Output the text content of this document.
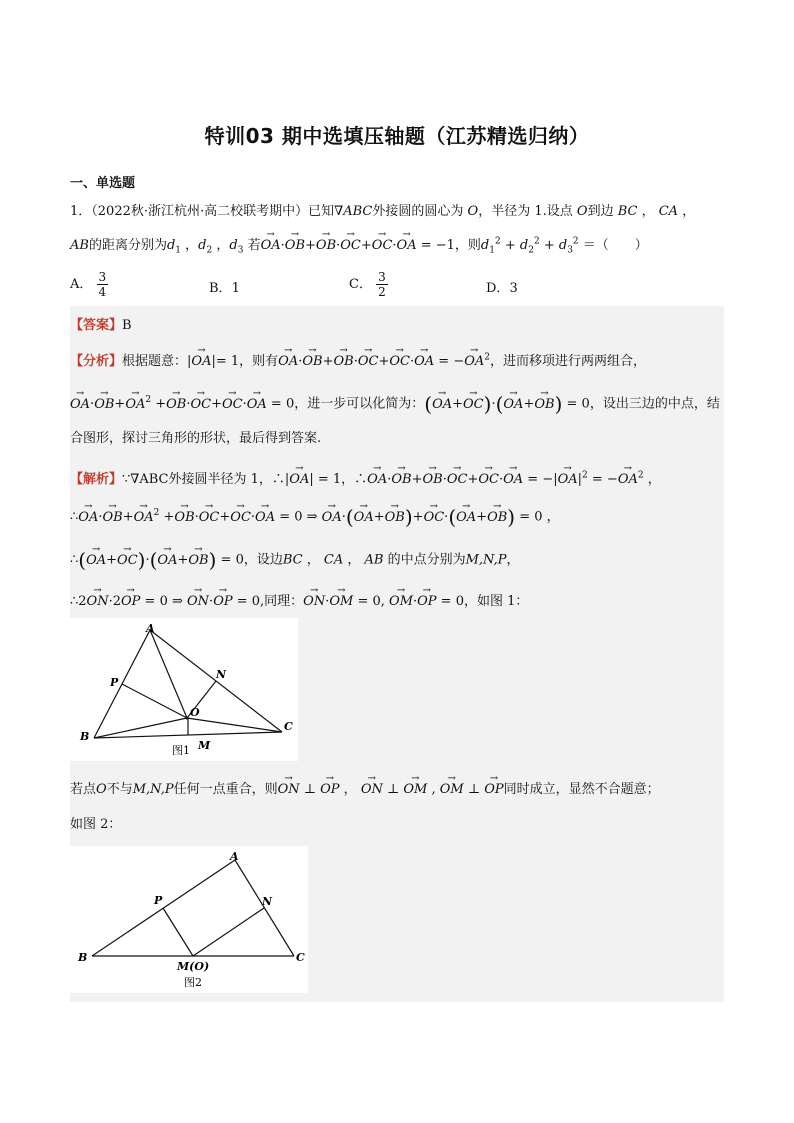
特训03 期中选填压轴题（江苏精选归纳）
一、单选题
1．（2022秋·浙江杭州·高二校联考期中）已知∇ABC外接圆的圆心为 O，半径为 1.设点 O到边 BC ， CA ，
AB的距离分别为$d_1$ ，$d_2$ ，$d_3$ 若→ OA·→ OB+→ OB·→ OC+→ OC·→ OA = −1，则$d_1^2 + d_2^2 + d_3^2$ ＝（　　）
A． $\frac{3}{4}$	B．1	C． $\frac{3}{2}$	D．3
【答案】B
【分析】根据题意：|→ OA|= 1，则有→ OA·→ OB+→ OB·→ OC+→ OC·→ OA = −→ $OA^2$，进而移项进行两两组合，
→ $OA\cdot\to OB+\to OA^2 +\to OB\cdot\to OC+\to OC\cdot\to$ OA = 0，进一步可以化简为：(→ OA+→ OC)·(→ OA+→ OB) = 0，设出三边的中点，结
合图形，探讨三角形的形状，最后得到答案.
【解析】∵∇ABC外接圆半径为 1，∴|→ OA| = 1，∴→ OA·→ OB+→ OB·→ OC+→ OC·→ OA = −|→ $OA|^2$ = −→ $OA^2$ ，
∴→ $OA\cdot\to OB+\to OA^2 +\to OB\cdot\to OC+\to OC\cdot\to$ OA = 0 ⇒ → OA·(→ OA+→ OB)+→ OC·(→ OA+→ OB) = 0 ，
∴(→ OA+→ OC)·(→ OA+→ OB) = 0，设边BC ， CA ， AB 的中点分别为M,N,P，
∴2→ ON·2→ OP = 0 ⇒ → ON·→ OP = 0,同理：→ ON·→ OM = 0, → OM·→ OP = 0，如图 1：
A
B
C
P
N
O
M
图1
若点O不与M,N,P任何一点重合，则→ ON ⊥ → OP ， → ON ⊥ → OM , → OM ⊥ → OP同时成立，显然不合题意；
如图 2：
A
B	C
P	N
M(O)
图2
